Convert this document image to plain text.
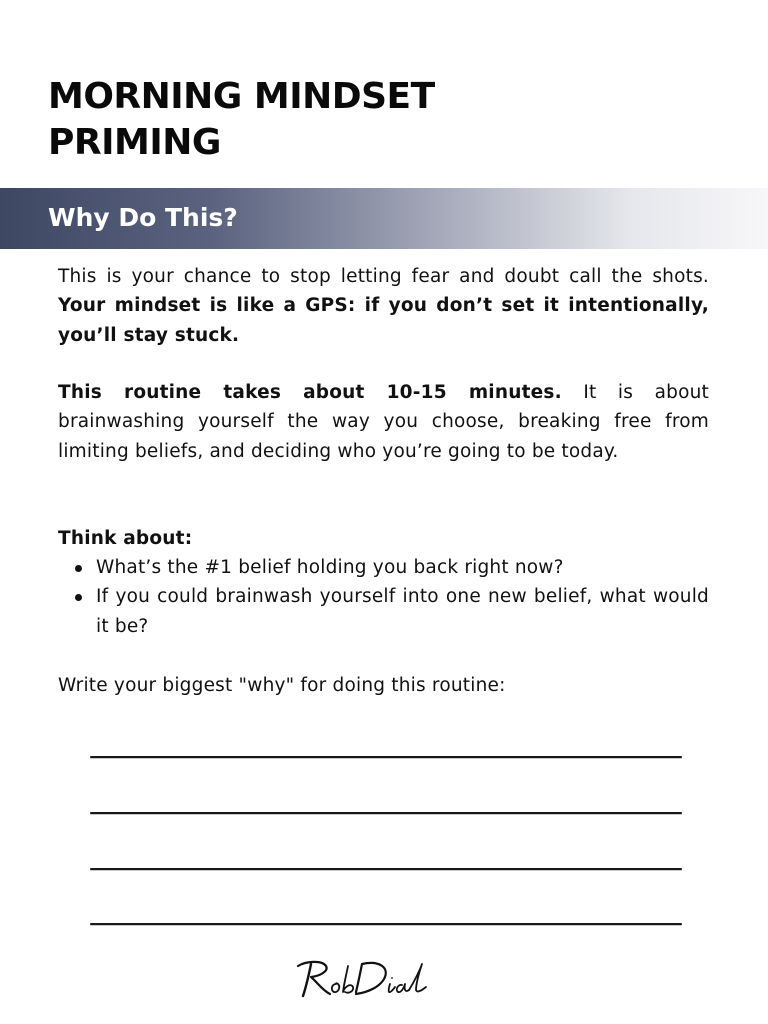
MORNING MINDSET
PRIMING
Why Do This?

This is your chance to stop letting fear and doubt call the shots. Your mindset is like a GPS: if you don’t set it intentionally, you’ll stay stuck.

This routine takes about 10-15 minutes. It is about brainwashing yourself the way you choose, breaking free from limiting beliefs, and deciding who you’re going to be today.

Think about:

What’s the #1 belief holding you back right now?
If you could brainwash yourself into one new belief, what would it be?

Write your biggest "why" for doing this routine:
